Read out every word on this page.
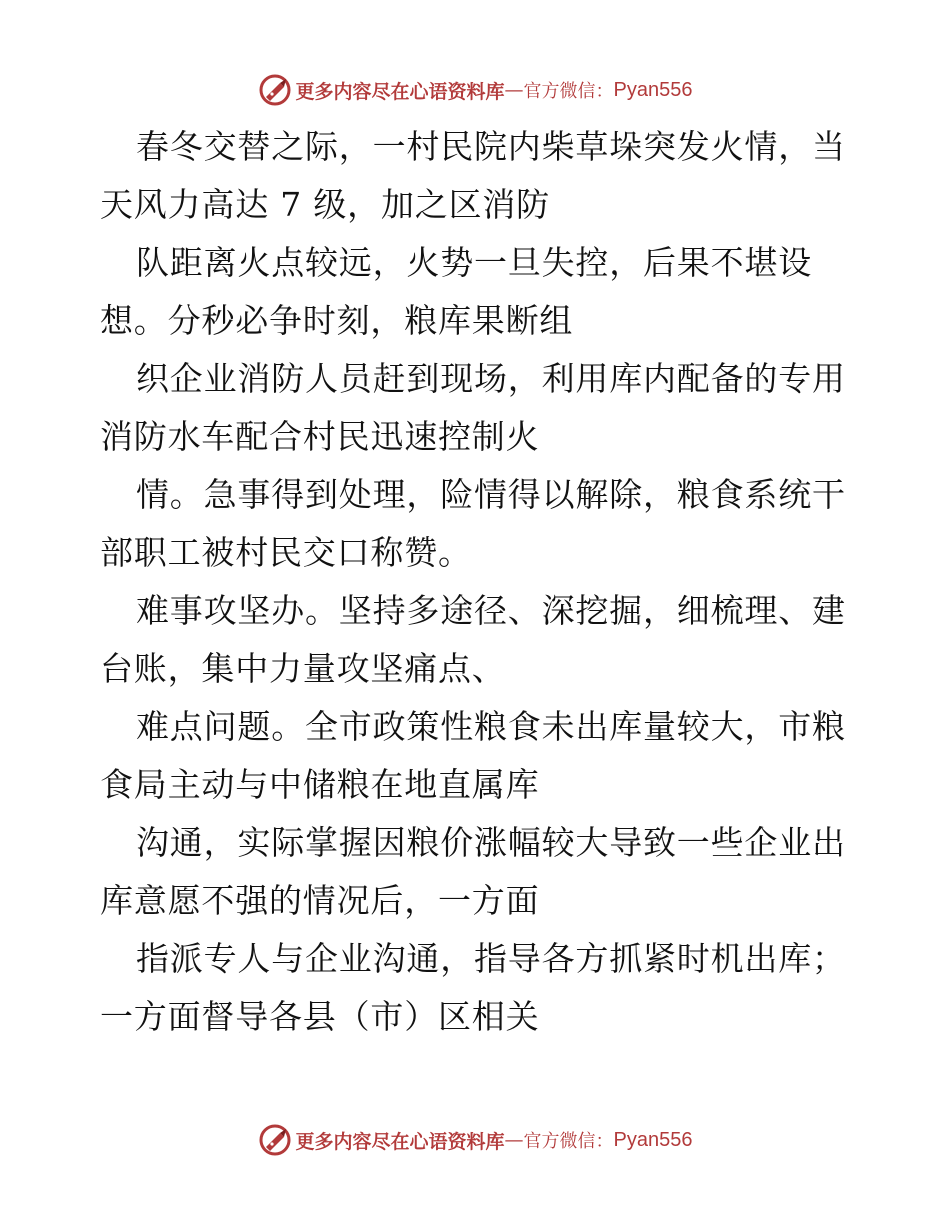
更多内容尽在心语资料库 — 官方微信： Pyan556

春冬交替之际，一村民院内柴草垛突发火情，当天风力高达 7 级，加之区消防

队距离火点较远，火势一旦失控，后果不堪设想。分秒必争时刻，粮库果断组

织企业消防人员赶到现场，利用库内配备的专用消防水车配合村民迅速控制火

情。急事得到处理，险情得以解除，粮食系统干部职工被村民交口称赞。

难事攻坚办。坚持多途径、深挖掘，细梳理、建台账，集中力量攻坚痛点、

难点问题。全市政策性粮食未出库量较大，市粮食局主动与中储粮在地直属库

沟通，实际掌握因粮价涨幅较大导致一些企业出库意愿不强的情况后，一方面

指派专人与企业沟通，指导各方抓紧时机出库；一方面督导各县（市）区相关

更多内容尽在心语资料库 — 官方微信： Pyan556
